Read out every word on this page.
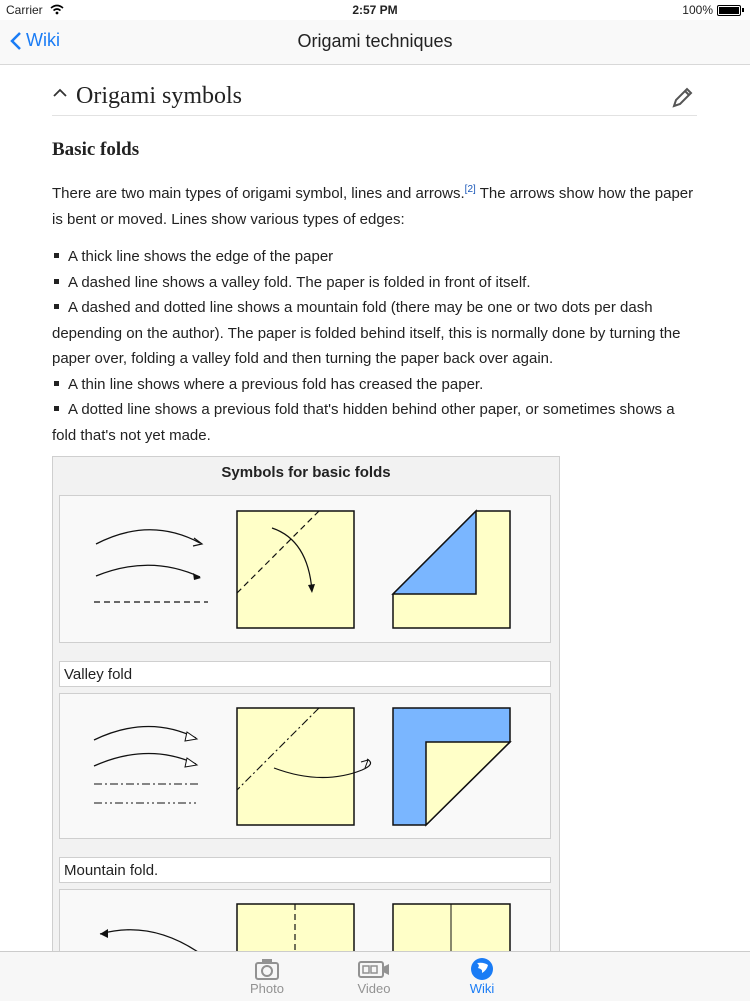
Carrier	2:57 PM	100%
Wiki	Origami techniques
Origami symbols
Basic folds
There are two main types of origami symbol, lines and arrows.[2] The arrows show how the paper is bent or moved. Lines show various types of edges:
A thick line shows the edge of the paper
A dashed line shows a valley fold. The paper is folded in front of itself.
A dashed and dotted line shows a mountain fold (there may be one or two dots per dash depending on the author). The paper is folded behind itself, this is normally done by turning the paper over, folding a valley fold and then turning the paper back over again.
A thin line shows where a previous fold has creased the paper.
A dotted line shows a previous fold that's hidden behind other paper, or sometimes shows a fold that's not yet made.
Symbols for basic folds
Valley fold
Mountain fold.
Photo	Video	Wiki
